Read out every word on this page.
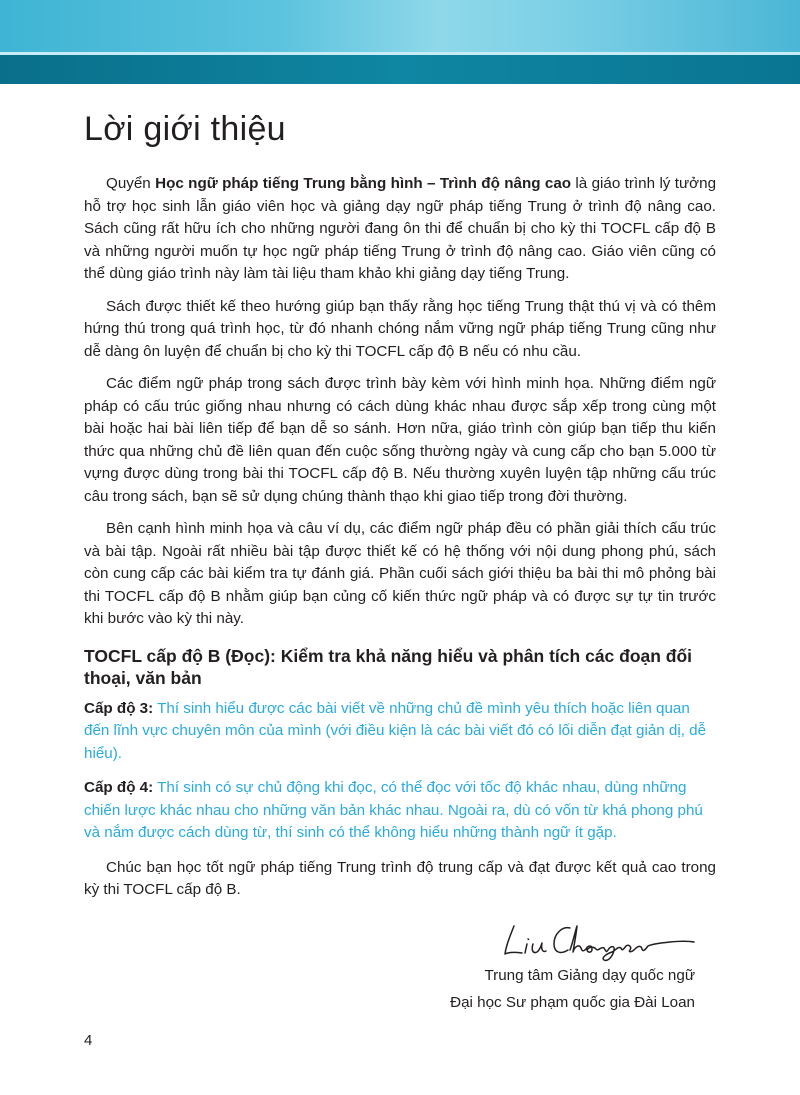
Lời giới thiệu

Quyển Học ngữ pháp tiếng Trung bằng hình – Trình độ nâng cao là giáo trình lý tưởng hỗ trợ học sinh lẫn giáo viên học và giảng dạy ngữ pháp tiếng Trung ở trình độ nâng cao. Sách cũng rất hữu ích cho những người đang ôn thi để chuẩn bị cho kỳ thi TOCFL cấp độ B và những người muốn tự học ngữ pháp tiếng Trung ở trình độ nâng cao. Giáo viên cũng có thể dùng giáo trình này làm tài liệu tham khảo khi giảng dạy tiếng Trung.

Sách được thiết kế theo hướng giúp bạn thấy rằng học tiếng Trung thật thú vị và có thêm hứng thú trong quá trình học, từ đó nhanh chóng nắm vững ngữ pháp tiếng Trung cũng như dễ dàng ôn luyện để chuẩn bị cho kỳ thi TOCFL cấp độ B nếu có nhu cầu.

Các điểm ngữ pháp trong sách được trình bày kèm với hình minh họa. Những điểm ngữ pháp có cấu trúc giống nhau nhưng có cách dùng khác nhau được sắp xếp trong cùng một bài hoặc hai bài liên tiếp để bạn dễ so sánh. Hơn nữa, giáo trình còn giúp bạn tiếp thu kiến thức qua những chủ đề liên quan đến cuộc sống thường ngày và cung cấp cho bạn 5.000 từ vựng được dùng trong bài thi TOCFL cấp độ B. Nếu thường xuyên luyện tập những cấu trúc câu trong sách, bạn sẽ sử dụng chúng thành thạo khi giao tiếp trong đời thường.

Bên cạnh hình minh họa và câu ví dụ, các điểm ngữ pháp đều có phần giải thích cấu trúc và bài tập. Ngoài rất nhiều bài tập được thiết kế có hệ thống với nội dung phong phú, sách còn cung cấp các bài kiểm tra tự đánh giá. Phần cuối sách giới thiệu ba bài thi mô phỏng bài thi TOCFL cấp độ B nhằm giúp bạn củng cố kiến thức ngữ pháp và có được sự tự tin trước khi bước vào kỳ thi này.

TOCFL cấp độ B (Đọc): Kiểm tra khả năng hiểu và phân tích các đoạn đối thoại, văn bản
Cấp độ 3: Thí sinh hiểu được các bài viết về những chủ đề mình yêu thích hoặc liên quan đến lĩnh vực chuyên môn của mình (với điều kiện là các bài viết đó có lối diễn đạt giản dị, dễ hiểu).
Cấp độ 4: Thí sinh có sự chủ động khi đọc, có thể đọc với tốc độ khác nhau, dùng những chiến lược khác nhau cho những văn bản khác nhau. Ngoài ra, dù có vốn từ khá phong phú và nắm được cách dùng từ, thí sinh có thể không hiểu những thành ngữ ít gặp.

Chúc bạn học tốt ngữ pháp tiếng Trung trình độ trung cấp và đạt được kết quả cao trong kỳ thi TOCFL cấp độ B.

Trung tâm Giảng dạy quốc ngữ
Đại học Sư phạm quốc gia Đài Loan
4
